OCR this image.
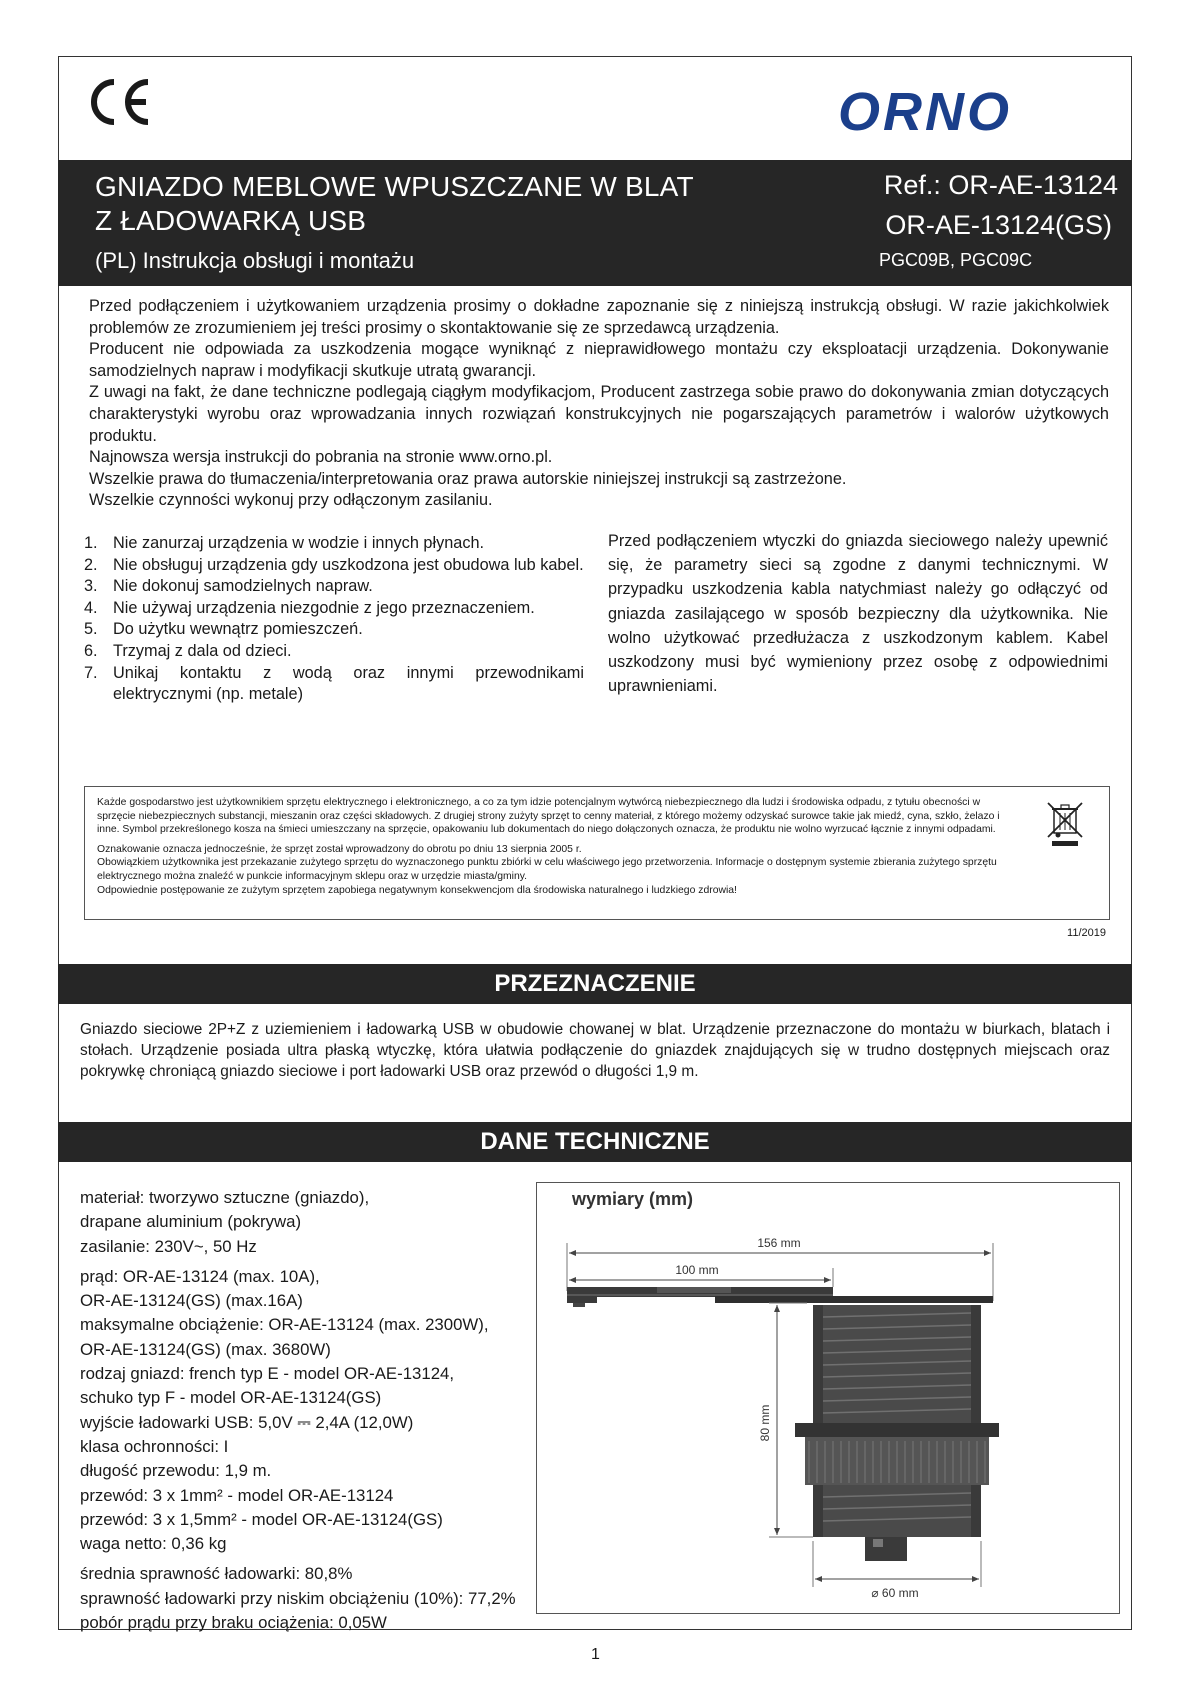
ORNO
GNIAZDO MEBLOWE WPUSZCZANE W BLAT
Z ŁADOWARKĄ USB
(PL) Instrukcja obsługi i montażu
Ref.: OR-AE-13124
OR-AE-13124(GS)
PGC09B, PGC09C

Przed podłączeniem i użytkowaniem urządzenia prosimy o dokładne zapoznanie się z niniejszą instrukcją obsługi. W razie jakichkolwiek problemów ze zrozumieniem jej treści prosimy o skontaktowanie się ze sprzedawcą urządzenia.

Producent nie odpowiada za uszkodzenia mogące wyniknąć z nieprawidłowego montażu czy eksploatacji urządzenia. Dokonywanie samodzielnych napraw i modyfikacji skutkuje utratą gwarancji.

Z uwagi na fakt, że dane techniczne podlegają ciągłym modyfikacjom, Producent zastrzega sobie prawo do dokonywania zmian dotyczących charakterystyki wyrobu oraz wprowadzania innych rozwiązań konstrukcyjnych nie pogarszających parametrów i walorów użytkowych produktu.

Najnowsza wersja instrukcji do pobrania na stronie www.orno.pl.

Wszelkie prawa do tłumaczenia/interpretowania oraz prawa autorskie niniejszej instrukcji są zastrzeżone.

Wszelkie czynności wykonuj przy odłączonym zasilaniu.

1. Nie zanurzaj urządzenia w wodzie i innych płynach.
2. Nie obsługuj urządzenia gdy uszkodzona jest obudowa lub kabel.
3. Nie dokonuj samodzielnych napraw.
4. Nie używaj urządzenia niezgodnie z jego przeznaczeniem.
5. Do użytku wewnątrz pomieszczeń.
6. Trzymaj z dala od dzieci.
7. Unikaj kontaktu z wodą oraz innymi przewodnikami elektrycznymi (np. metale)
Przed podłączeniem wtyczki do gniazda sieciowego należy upewnić się, że parametry sieci są zgodne z danymi technicznymi. W przypadku uszkodzenia kabla natychmiast należy go odłączyć od gniazda zasilającego w sposób bezpieczny dla użytkownika. Nie wolno użytkować przedłużacza z uszkodzonym kablem. Kabel uszkodzony musi być wymieniony przez osobę z odpowiednimi uprawnieniami.

Każde gospodarstwo jest użytkownikiem sprzętu elektrycznego i elektronicznego, a co za tym idzie potencjalnym wytwórcą niebezpiecznego dla ludzi i środowiska odpadu, z tytułu obecności w sprzęcie niebezpiecznych substancji, mieszanin oraz części składowych. Z drugiej strony zużyty sprzęt to cenny materiał, z którego możemy odzyskać surowce takie jak miedź, cyna, szkło, żelazo i inne. Symbol przekreślonego kosza na śmieci umieszczany na sprzęcie, opakowaniu lub dokumentach do niego dołączonych oznacza, że produktu nie wolno wyrzucać łącznie z innymi odpadami.

Oznakowanie oznacza jednocześnie, że sprzęt został wprowadzony do obrotu po dniu 13 sierpnia 2005 r.

Obowiązkiem użytkownika jest przekazanie zużytego sprzętu do wyznaczonego punktu zbiórki w celu właściwego jego przetworzenia. Informacje o dostępnym systemie zbierania zużytego sprzętu elektrycznego można znaleźć w punkcie informacyjnym sklepu oraz w urzędzie miasta/gminy.

Odpowiednie postępowanie ze zużytym sprzętem zapobiega negatywnym konsekwencjom dla środowiska naturalnego i ludzkiego zdrowia!

11/2019
PRZEZNACZENIE
Gniazdo sieciowe 2P+Z z uziemieniem i ładowarką USB w obudowie chowanej w blat. Urządzenie przeznaczone do montażu w biurkach, blatach i stołach. Urządzenie posiada ultra płaską wtyczkę, która ułatwia podłączenie do gniazdek znajdujących się w trudno dostępnych miejscach oraz pokrywkę chroniącą gniazdo sieciowe i port ładowarki USB oraz przewód o długości 1,9 m.
DANE TECHNICZNE
materiał: tworzywo sztuczne (gniazdo),
drapane aluminium (pokrywa)
zasilanie: 230V~, 50 Hz
prąd: OR-AE-13124 (max. 10A),
OR-AE-13124(GS) (max.16A)
maksymalne obciążenie: OR-AE-13124 (max. 2300W),
OR-AE-13124(GS) (max. 3680W)
rodzaj gniazd: french typ E - model OR-AE-13124,
schuko typ F - model OR-AE-13124(GS)
wyjście ładowarki USB: 5,0V ⎓ 2,4A (12,0W)
klasa ochronności: I
długość przewodu: 1,9 m.
przewód: 3 x 1mm² - model OR-AE-13124
przewód: 3 x 1,5mm² - model OR-AE-13124(GS)
waga netto: 0,36 kg
średnia sprawność ładowarki: 80,8%
sprawność ładowarki przy niskim obciążeniu (10%): 77,2%
pobór prądu przy braku ociążenia: 0,05W
wymiary (mm)
156 mm
100 mm
80 mm
⌀ 60 mm
1
